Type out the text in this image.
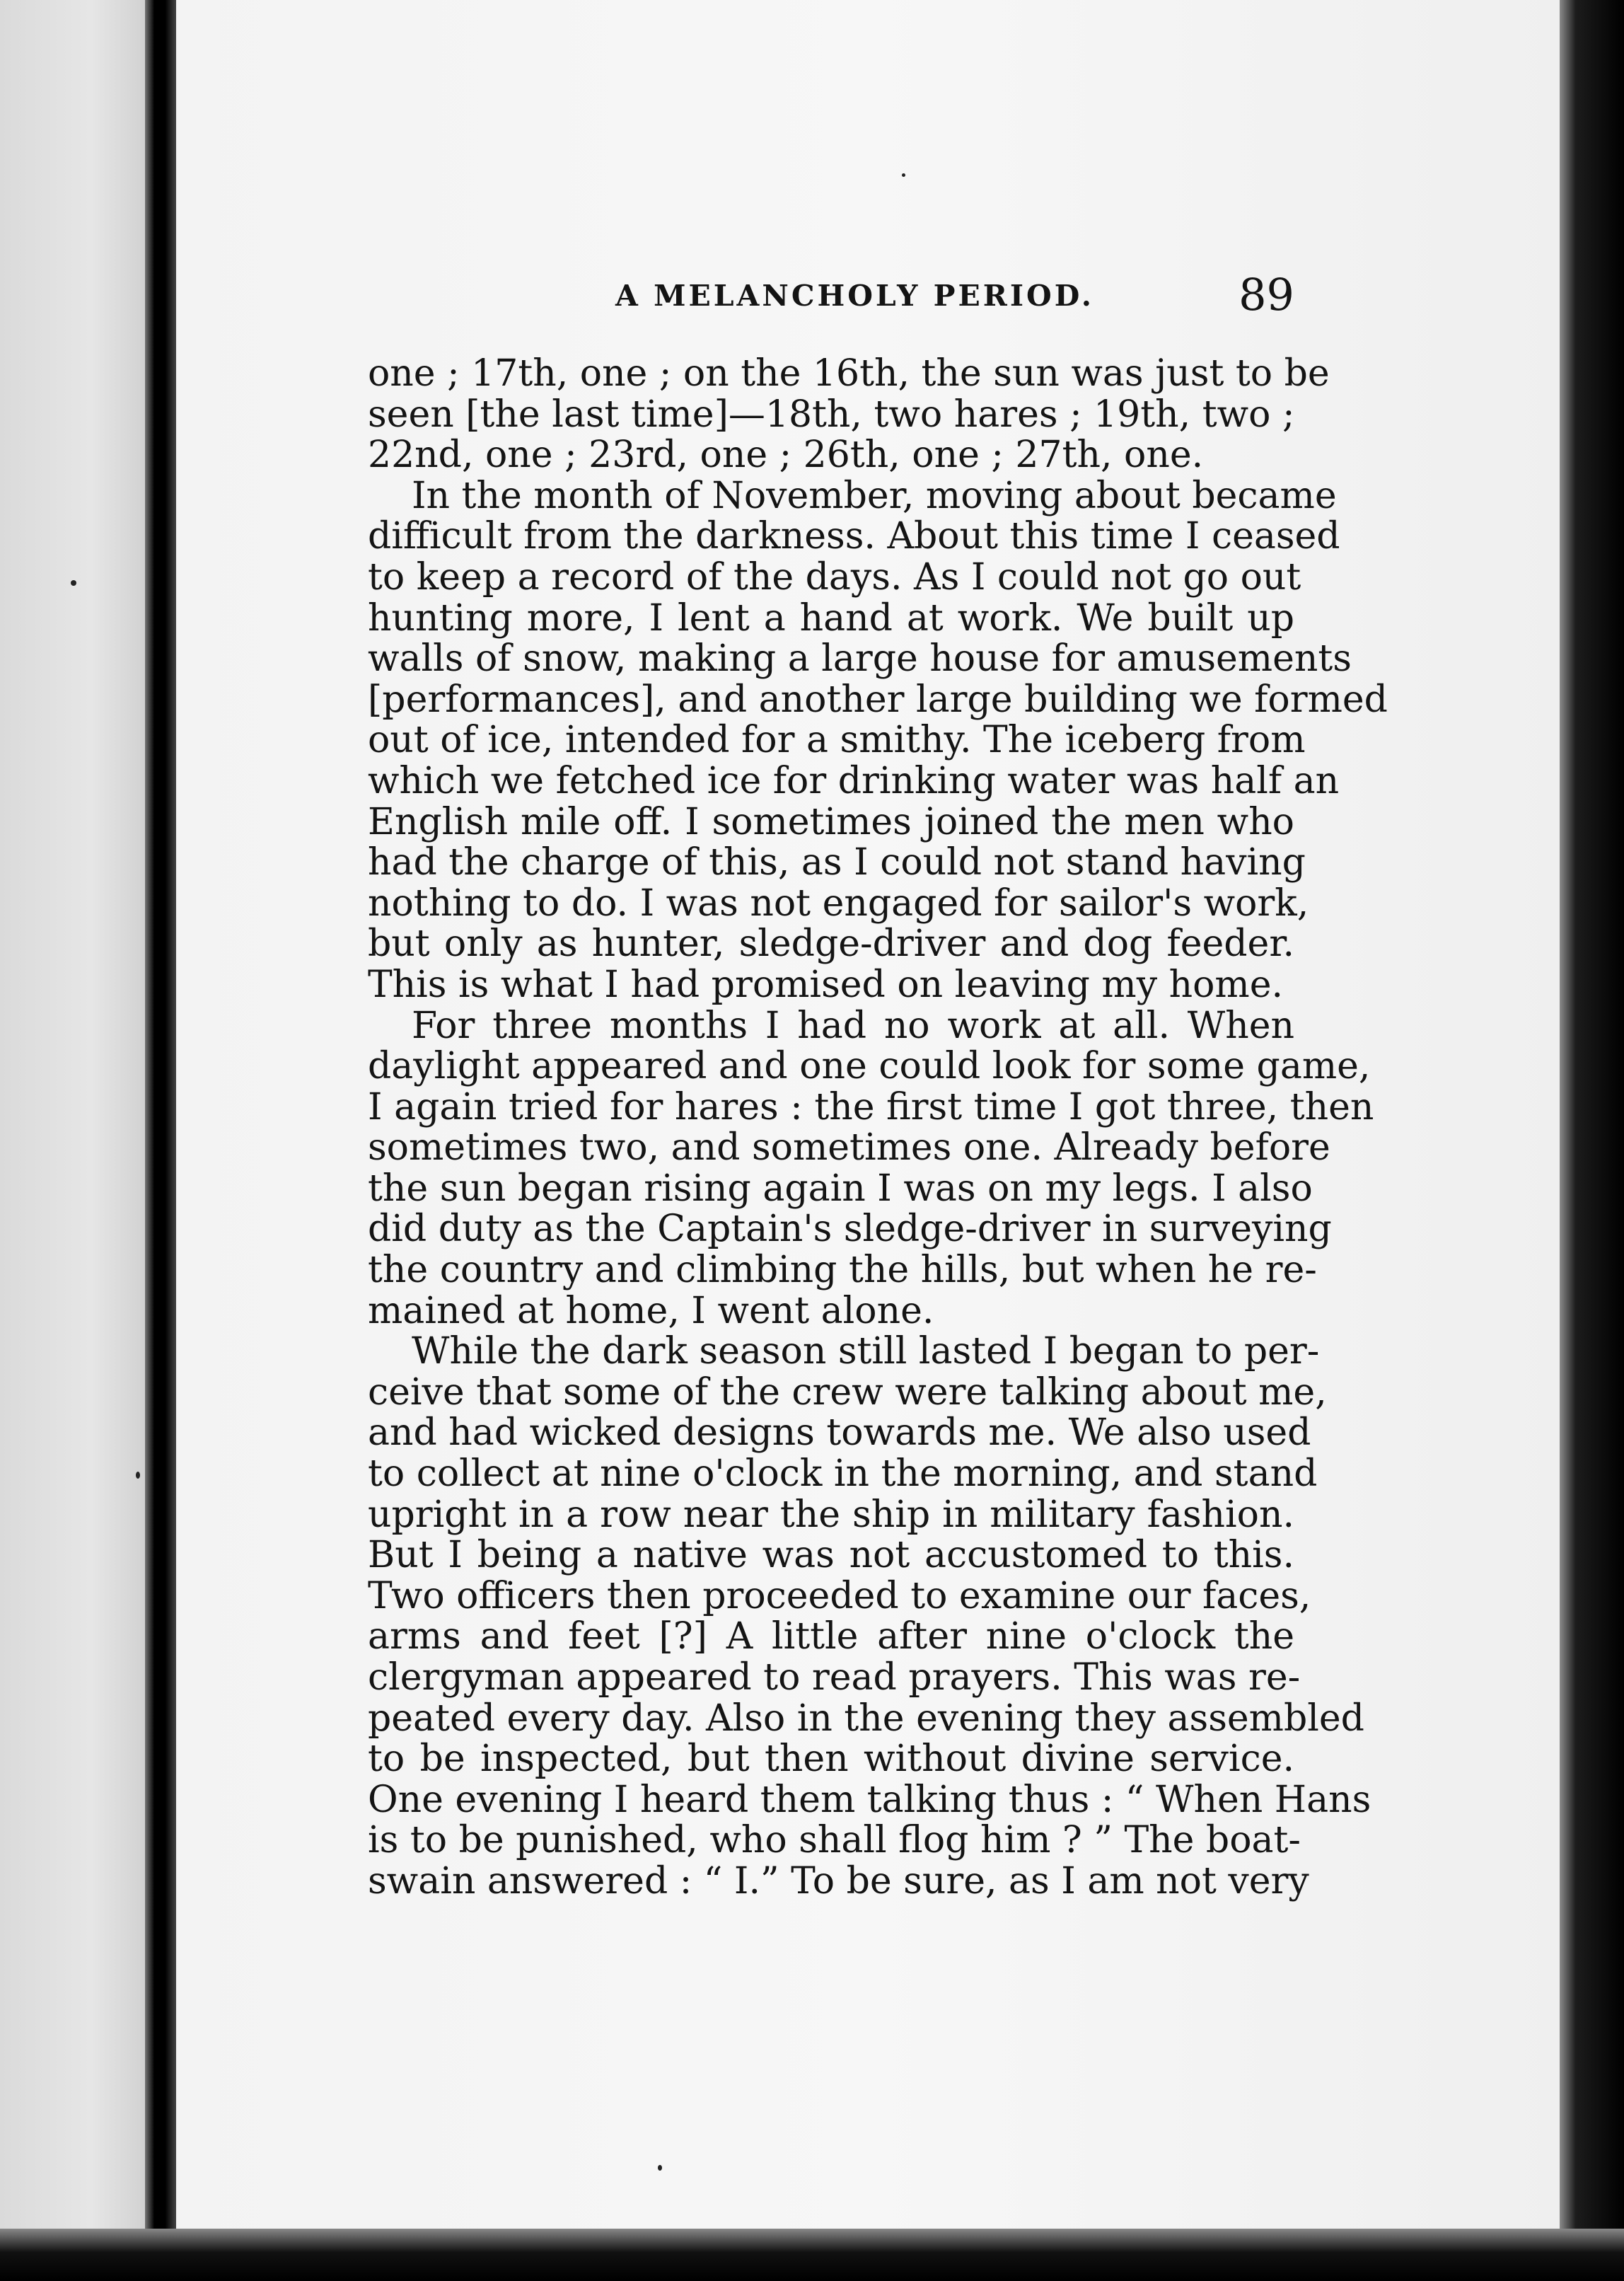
A MELANCHOLY PERIOD.	89
one ; 17th, one ; on the 16th, the sun was just to be
seen [the last time]—18th, two hares ; 19th, two ;
22nd, one ; 23rd, one ; 26th, one ; 27th, one.
In the month of November, moving about became
difficult from the darkness. About this time I ceased
to keep a record of the days. As I could not go out
hunting more, I lent a hand at work. We built up
walls of snow, making a large house for amusements
[performances], and another large building we formed
out of ice, intended for a smithy. The iceberg from
which we fetched ice for drinking water was half an
English mile off. I sometimes joined the men who
had the charge of this, as I could not stand having
nothing to do. I was not engaged for sailor's work,
but only as hunter, sledge-driver and dog feeder.
This is what I had promised on leaving my home.
For three months I had no work at all. When
daylight appeared and one could look for some game,
I again tried for hares : the first time I got three, then
sometimes two, and sometimes one. Already before
the sun began rising again I was on my legs. I also
did duty as the Captain's sledge-driver in surveying
the country and climbing the hills, but when he re-
mained at home, I went alone.
While the dark season still lasted I began to per-
ceive that some of the crew were talking about me,
and had wicked designs towards me. We also used
to collect at nine o'clock in the morning, and stand
upright in a row near the ship in military fashion.
But I being a native was not accustomed to this.
Two officers then proceeded to examine our faces,
arms and feet [?] A little after nine o'clock the
clergyman appeared to read prayers. This was re-
peated every day. Also in the evening they assembled
to be inspected, but then without divine service.
One evening I heard them talking thus : “ When Hans
is to be punished, who shall flog him ? ” The boat-
swain answered : “ I.” To be sure, as I am not very
